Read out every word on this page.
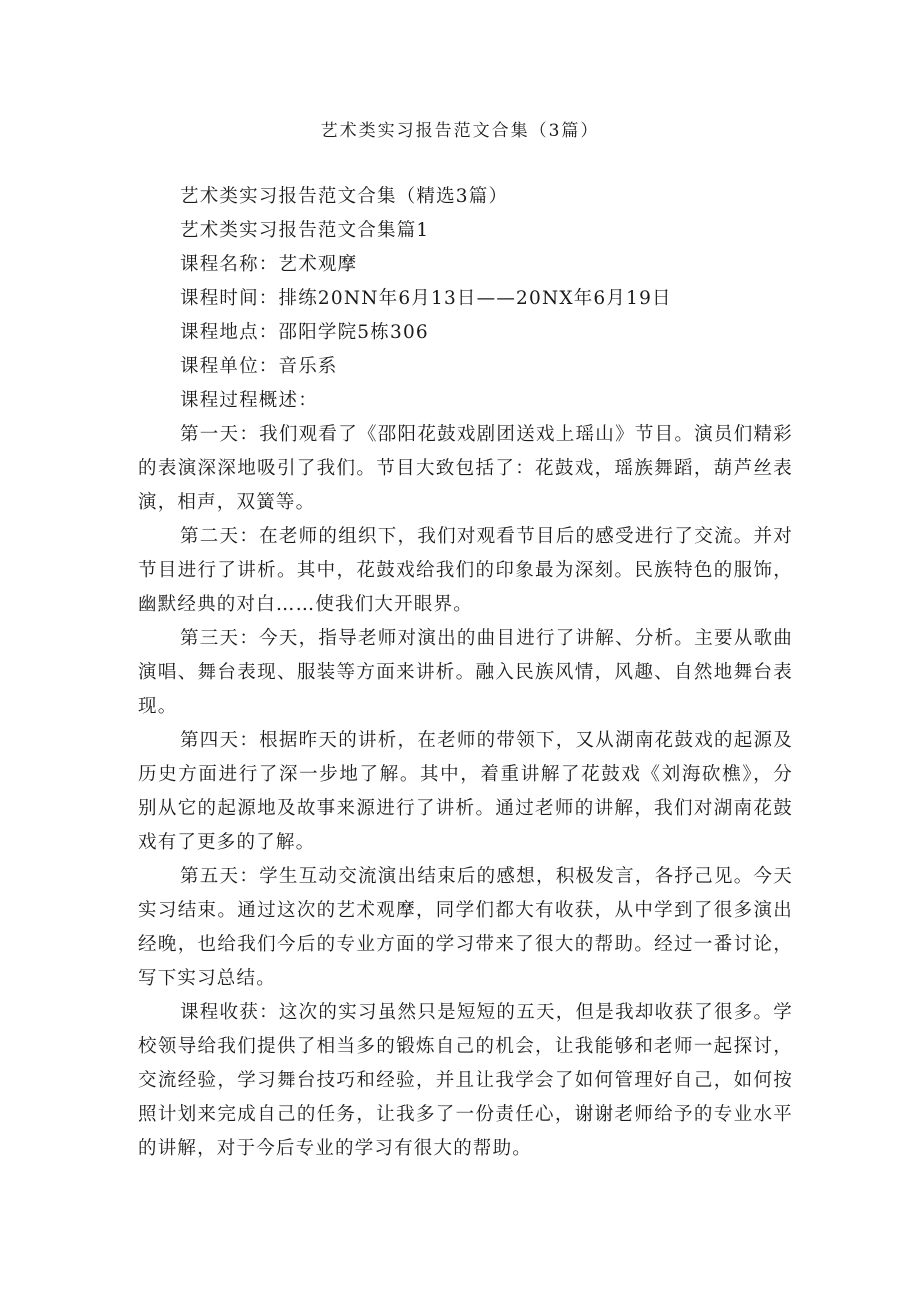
艺术类实习报告范文合集（3篇）

艺术类实习报告范文合集（精选3篇）

艺术类实习报告范文合集篇1

课程名称：艺术观摩

课程时间：排练20NN年6月13日——20NX年6月19日

课程地点：邵阳学院5栋306

课程单位：音乐系

课程过程概述：

第一天：我们观看了《邵阳花鼓戏剧团送戏上瑶山》节目。演员们精彩的表演深深地吸引了我们。节目大致包括了：花鼓戏，瑶族舞蹈，葫芦丝表演，相声，双簧等。

第二天：在老师的组织下，我们对观看节目后的感受进行了交流。并对节目进行了讲析。其中，花鼓戏给我们的印象最为深刻。民族特色的服饰，幽默经典的对白……使我们大开眼界。

第三天：今天，指导老师对演出的曲目进行了讲解、分析。主要从歌曲演唱、舞台表现、服装等方面来讲析。融入民族风情，风趣、自然地舞台表现。

第四天：根据昨天的讲析，在老师的带领下，又从湖南花鼓戏的起源及历史方面进行了深一步地了解。其中，着重讲解了花鼓戏《刘海砍樵》，分别从它的起源地及故事来源进行了讲析。通过老师的讲解，我们对湖南花鼓戏有了更多的了解。

第五天：学生互动交流演出结束后的感想，积极发言，各抒己见。今天实习结束。通过这次的艺术观摩，同学们都大有收获，从中学到了很多演出经晚，也给我们今后的专业方面的学习带来了很大的帮助。经过一番讨论，写下实习总结。

课程收获：这次的实习虽然只是短短的五天，但是我却收获了很多。学校领导给我们提供了相当多的锻炼自己的机会，让我能够和老师一起探讨，交流经验，学习舞台技巧和经验，并且让我学会了如何管理好自己，如何按照计划来完成自己的任务，让我多了一份责任心，谢谢老师给予的专业水平的讲解，对于今后专业的学习有很大的帮助。
